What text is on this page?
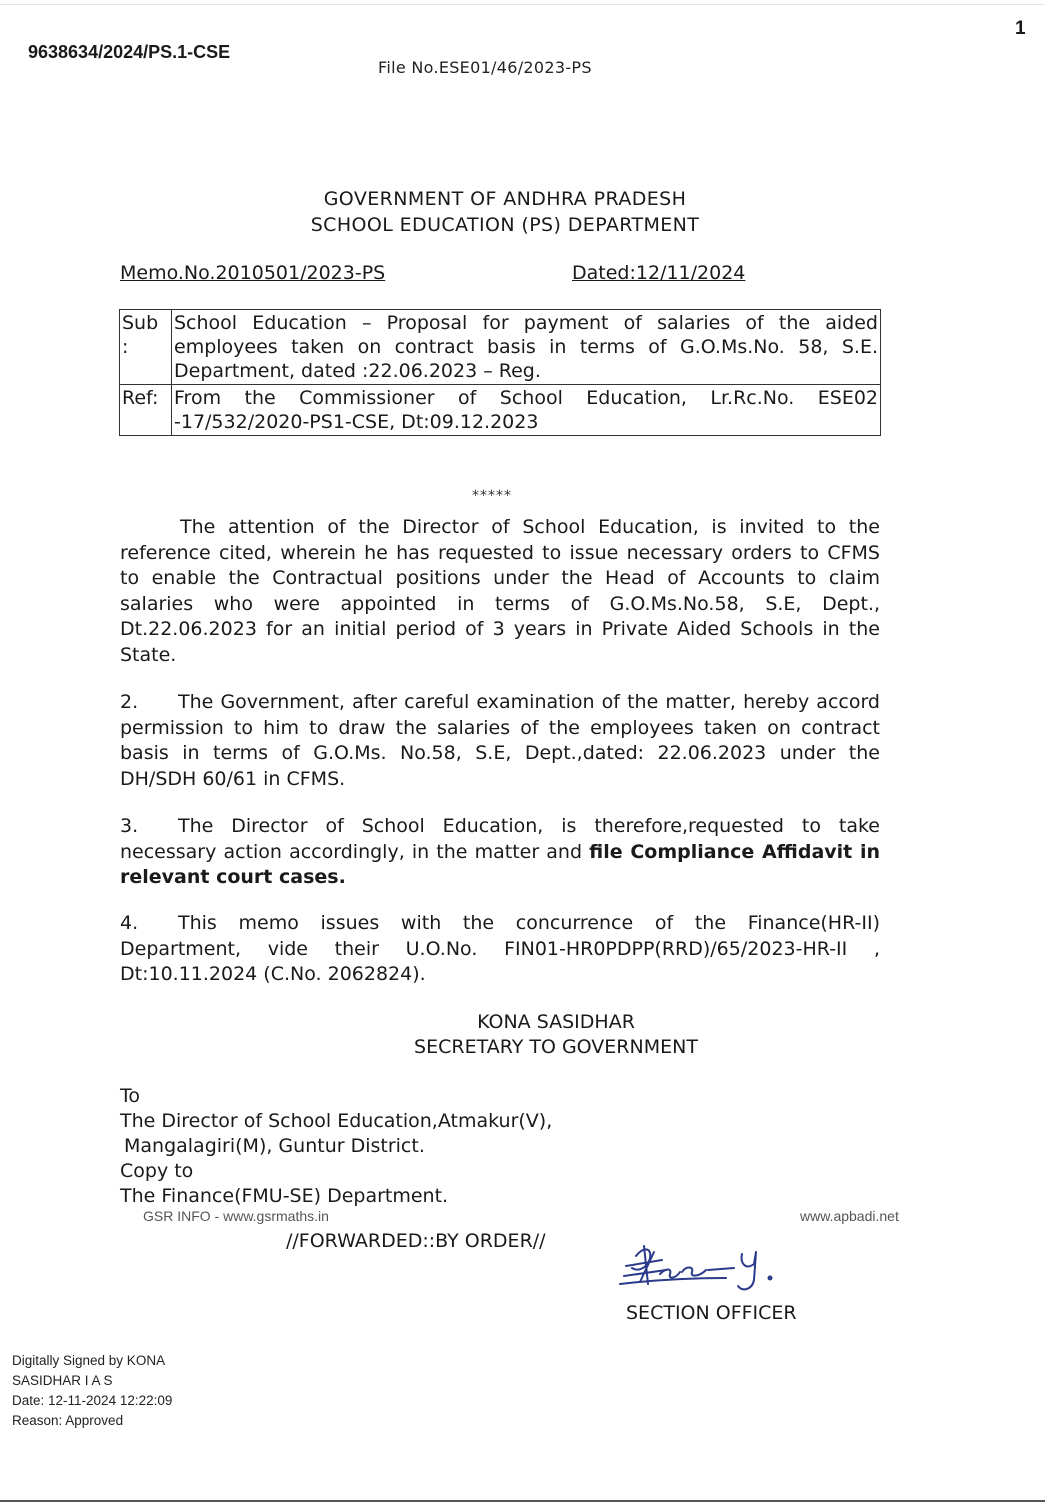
1
9638634/2024/PS.1-CSE
File No.ESE01/46/2023-PS
GOVERNMENT OF ANDHRA PRADESH
SCHOOL EDUCATION (PS) DEPARTMENT
Memo.No.2010501/2023-PS	Dated:12/11/2024
Sub :	School Education – Proposal for payment of salaries of the aided employees taken on contract basis in terms of G.O.Ms.No. 58, S.E. Department, dated :22.06.2023 – Reg.
Ref:	From the Commissioner of School Education, Lr.Rc.No. ESE02 -17/532/2020-PS1-CSE, Dt:09.12.2023
*****
The attention of the Director of School Education, is invited to the reference cited, wherein he has requested to issue necessary orders to CFMS to enable the Contractual positions under the Head of Accounts to claim salaries who were appointed in terms of G.O.Ms.No.58, S.E, Dept., Dt.22.06.2023 for an initial period of 3 years in Private Aided Schools in the State.
2. The Government, after careful examination of the matter, hereby accord permission to him to draw the salaries of the employees taken on contract basis in terms of G.O.Ms. No.58, S.E, Dept.,dated: 22.06.2023 under the DH/SDH 60/61 in CFMS.
3. The Director of School Education, is therefore,requested to take necessary action accordingly, in the matter and file Compliance Affidavit in relevant court cases.
4. This memo issues with the concurrence of the Finance(HR-II) Department, vide their U.O.No. FIN01-HR0PDPP(RRD)/65/2023-HR-II , Dt:10.11.2024 (C.No. 2062824).
KONA SASIDHAR
SECRETARY TO GOVERNMENT
To
The Director of School Education,Atmakur(V),
Mangalagiri(M), Guntur District.
Copy to
The Finance(FMU-SE) Department.
GSR INFO - www.gsrmaths.in	www.apbadi.net
//FORWARDED::BY ORDER//
SECTION OFFICER
Digitally Signed by KONA
SASIDHAR I A S
Date: 12-11-2024 12:22:09
Reason: Approved
